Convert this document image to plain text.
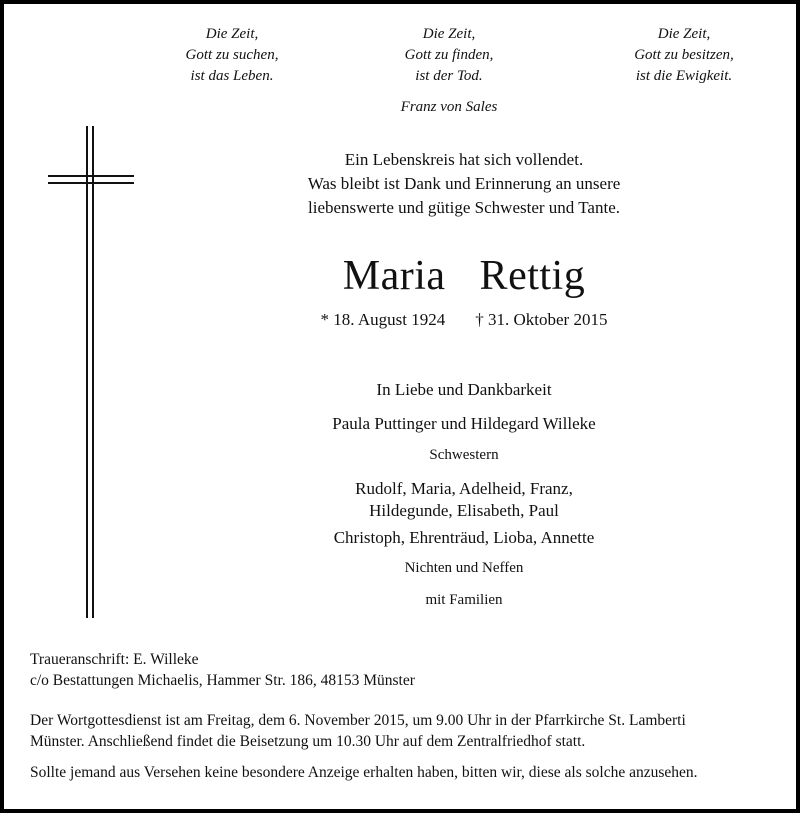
Die Zeit,
Gott zu suchen,
ist das Leben.
Die Zeit,
Gott zu finden,
ist der Tod.
Die Zeit,
Gott zu besitzen,
ist die Ewigkeit.
Franz von Sales
Ein Lebenskreis hat sich vollendet.
Was bleibt ist Dank und Erinnerung an unsere
liebenswerte und gütige Schwester und Tante.
Maria  Rettig
* 18. August 1924 † 31. Oktober 2015
In Liebe und Dankbarkeit
Paula Puttinger und Hildegard Willeke
Schwestern
Rudolf, Maria, Adelheid, Franz,
Hildegunde, Elisabeth, Paul
Christoph, Ehrenträud, Lioba, Annette
Nichten und Neffen
mit Familien
Traueranschrift: E. Willeke
c/o Bestattungen Michaelis, Hammer Str. 186, 48153 Münster
Der Wortgottesdienst ist am Freitag, dem 6. November 2015, um 9.00 Uhr in der Pfarrkirche St. Lamberti
Münster. Anschließend findet die Beisetzung um 10.30 Uhr auf dem Zentralfriedhof statt.
Sollte jemand aus Versehen keine besondere Anzeige erhalten haben, bitten wir, diese als solche anzusehen.
